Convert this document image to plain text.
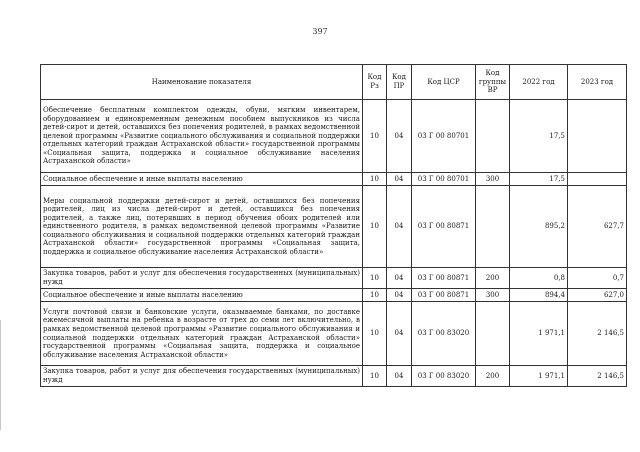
397
Наименование показателя	Код Рз	Код ПР	Код ЦСР	Код группы ВР	2022 год	2023 год
Обеспечение бесплатным комплектом одежды, обуви, мягким инвентарем, оборудованием и единовременным денежным пособием выпускников из числа детей-сирот и детей, оставшихся без попечения родителей, в рамках ведомственной целевой программы «Развитие социального обслуживания и социальной поддержки отдельных категорий граждан Астраханской области» государственной программы «Социальная защита, поддержка и социальное обслуживание населения Астраханской области»	10	04	03 Г 00 80701		17,5	
Социальное обеспечение и иные выплаты населению	10	04	03 Г 00 80701	300	17,5	
Меры социальной поддержки детей-сирот и детей, оставшихся без попечения родителей, лиц из числа детей-сирот и детей, оставшихся без попечения родителей, а также лиц, потерявших в период обучения обоих родителей или единственного родителя, в рамках ведомственной целевой программы «Развитие социального обслуживания и социальной поддержки отдельных категорий граждан Астраханской области» государственной программы «Социальная защита, поддержка и социальное обслуживание населения Астраханской области»	10	04	03 Г 00 80871		895,2	627,7
Закупка товаров, работ и услуг для обеспечения государственных (муниципальных) нужд	10	04	03 Г 00 80871	200	0,8	0,7
Социальное обеспечение и иные выплаты населению	10	04	03 Г 00 80871	300	894,4	627,0
Услуги почтовой связи и банковские услуги, оказываемые банками, по доставке ежемесячной выплаты на ребенка в возрасте от трех до семи лет включительно, в рамках ведомственной целевой программы «Развитие социального обслуживания и социальной поддержки отдельных категорий граждан Астраханской области» государственной программы «Социальная защита, поддержка и социальное обслуживание населения Астраханской области»	10	04	03 Г 00 83020		1 971,1	2 146,5
Закупка товаров, работ и услуг для обеспечения государственных (муниципальных) нужд	10	04	03 Г 00 83020	200	1 971,1	2 146,5
